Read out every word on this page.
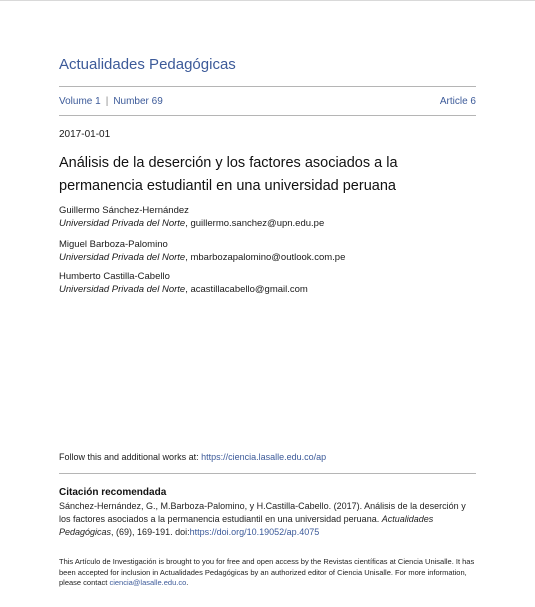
Actualidades Pedagógicas
Volume 1 | Number 69	Article 6
2017-01-01
Análisis de la deserción y los factores asociados a la permanencia estudiantil en una universidad peruana
Guillermo Sánchez-Hernández
Universidad Privada del Norte, guillermo.sanchez@upn.edu.pe
Miguel Barboza-Palomino
Universidad Privada del Norte, mbarbozapalomino@outlook.com.pe
Humberto Castilla-Cabello
Universidad Privada del Norte, acastillacabello@gmail.com
Follow this and additional works at: https://ciencia.lasalle.edu.co/ap
Citación recomendada
Sánchez-Hernández, G., M.Barboza-Palomino, y H.Castilla-Cabello. (2017). Análisis de la deserción y los factores asociados a la permanencia estudiantil en una universidad peruana. Actualidades Pedagógicas, (69), 169-191. doi:https://doi.org/10.19052/ap.4075
This Artículo de Investigación is brought to you for free and open access by the Revistas científicas at Ciencia Unisalle. It has been accepted for inclusion in Actualidades Pedagógicas by an authorized editor of Ciencia Unisalle. For more information, please contact ciencia@lasalle.edu.co.
